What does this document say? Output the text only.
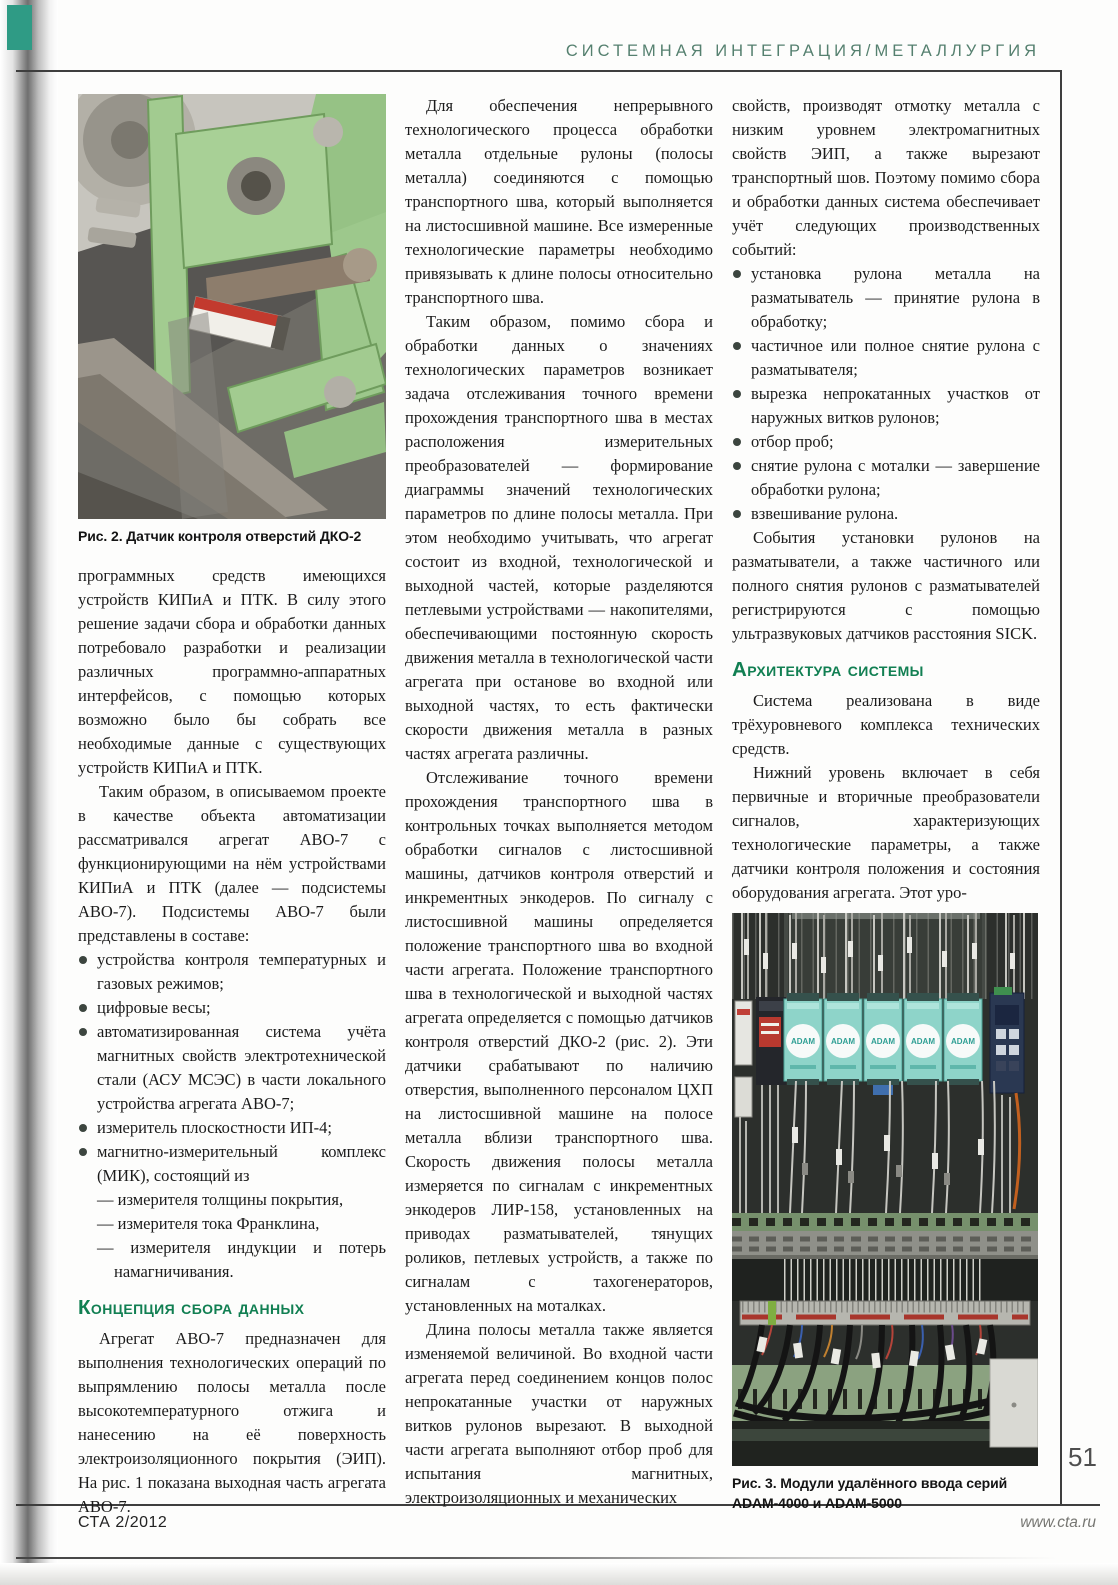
СИСТЕМНАЯ ИНТЕГРАЦИЯ/МЕТАЛЛУРГИЯ
Рис. 2. Датчик контроля отверстий ДКО-2

программных средств имеющихся устройств КИПиА и ПТК. В силу этого решение задачи сбора и обработки данных потребовало разработки и реализации различных программно-аппаратных интерфейсов, с помощью которых возможно было бы собрать все необходимые данные с существующих устройств КИПиА и ПТК.

Таким образом, в описываемом проекте в качестве объекта автоматизации рассматривался агрегат АВО-7 с функционирующими на нём устройствами КИПиА и ПТК (далее — подсистемы АВО-7). Подсистемы АВО-7 были представлены в составе:

устройства контроля температурных и газовых режимов;
цифровые весы;
автоматизированная система учёта магнитных свойств электротехнической стали (АСУ МСЭС) в части локального устройства агрегата АВО-7;
измеритель плоскостности ИП-4;
магнитно-измерительный комплекс (МИК), состоящий из
— измерителя толщины покрытия,
— измерителя тока Франклина,
— измерителя индукции и потерь намагничивания.
Концепция сбора данных

Агрегат АВО-7 предназначен для выполнения технологических операций по выпрямлению полосы металла после высокотемпературного отжига и нанесению на её поверхность электроизоляционного покрытия (ЭИП). На рис. 1 показана выходная часть агрегата АВО-7.

Для обеспечения непрерывного технологического процесса обработки металла отдельные рулоны (полосы металла) соединяются с помощью транспортного шва, который выполняется на листосшивной машине. Все измеренные технологические параметры необходимо привязывать к длине полосы относительно транспортного шва.

Таким образом, помимо сбора и обработки данных о значениях технологических параметров возникает задача отслеживания точного времени прохождения транспортного шва в местах расположения измерительных преобразователей — формирование диаграммы значений технологических параметров по длине полосы металла. При этом необходимо учитывать, что агрегат состоит из входной, технологической и выходной частей, которые разделяются петлевыми устройствами — накопителями, обеспечивающими постоянную скорость движения металла в технологической части агрегата при останове во входной или выходной частях, то есть фактически скорости движения металла в разных частях агрегата различны.

Отслеживание точного времени прохождения транспортного шва в контрольных точках выполняется методом обработки сигналов с листосшивной машины, датчиков контроля отверстий и инкрементных энкодеров. По сигналу с листосшивной машины определяется положение транспортного шва во входной части агрегата. Положение транспортного шва в технологической и выходной частях агрегата определяется с помощью датчиков контроля отверстий ДКО-2 (рис. 2). Эти датчики срабатывают по наличию отверстия, выполненного персоналом ЦХП на листосшивной машине на полосе металла вблизи транспортного шва. Скорость движения полосы металла измеряется по сигналам с инкрементных энкодеров ЛИР-158, установленных на приводах разматывателей, тянущих роликов, петлевых устройств, а также по сигналам с тахогенераторов, установленных на моталках.

Длина полосы металла также является изменяемой величиной. Во входной части агрегата перед соединением концов полос непрокатанные участки от наружных витков рулонов вырезают. В выходной части агрегата выполняют отбор проб для испытания магнитных, электроизоляционных и механических

свойств, производят отмотку металла с низким уровнем электромагнитных свойств ЭИП, а также вырезают транспортный шов. Поэтому помимо сбора и обработки данных система обеспечивает учёт следующих производственных событий:

установка рулона металла на разматыватель — принятие рулона в обработку;
частичное или полное снятие рулона с разматывателя;
вырезка непрокатанных участков от наружных витков рулонов;
отбор проб;
снятие рулона с моталки — завершение обработки рулона;
взвешивание рулона.

События установки рулонов на разматыватели, а также частичного или полного снятия рулонов с разматывателей регистрируются с помощью ультразвуковых датчиков расстояния SICK.

Архитектура системы

Система реализована в виде трёхуровневого комплекса технических средств.

Нижний уровень включает в себя первичные и вторичные преобразователи сигналов, характеризующих технологические параметры, а также датчики контроля положения и состояния оборудования агрегата. Этот уро-

ADAM ADAM ADAM ADAM ADAM
Рис. 3. Модули удалённого ввода серий ADAM-4000 и ADAM-5000
51
СТА 2/2012	www.cta.ru
